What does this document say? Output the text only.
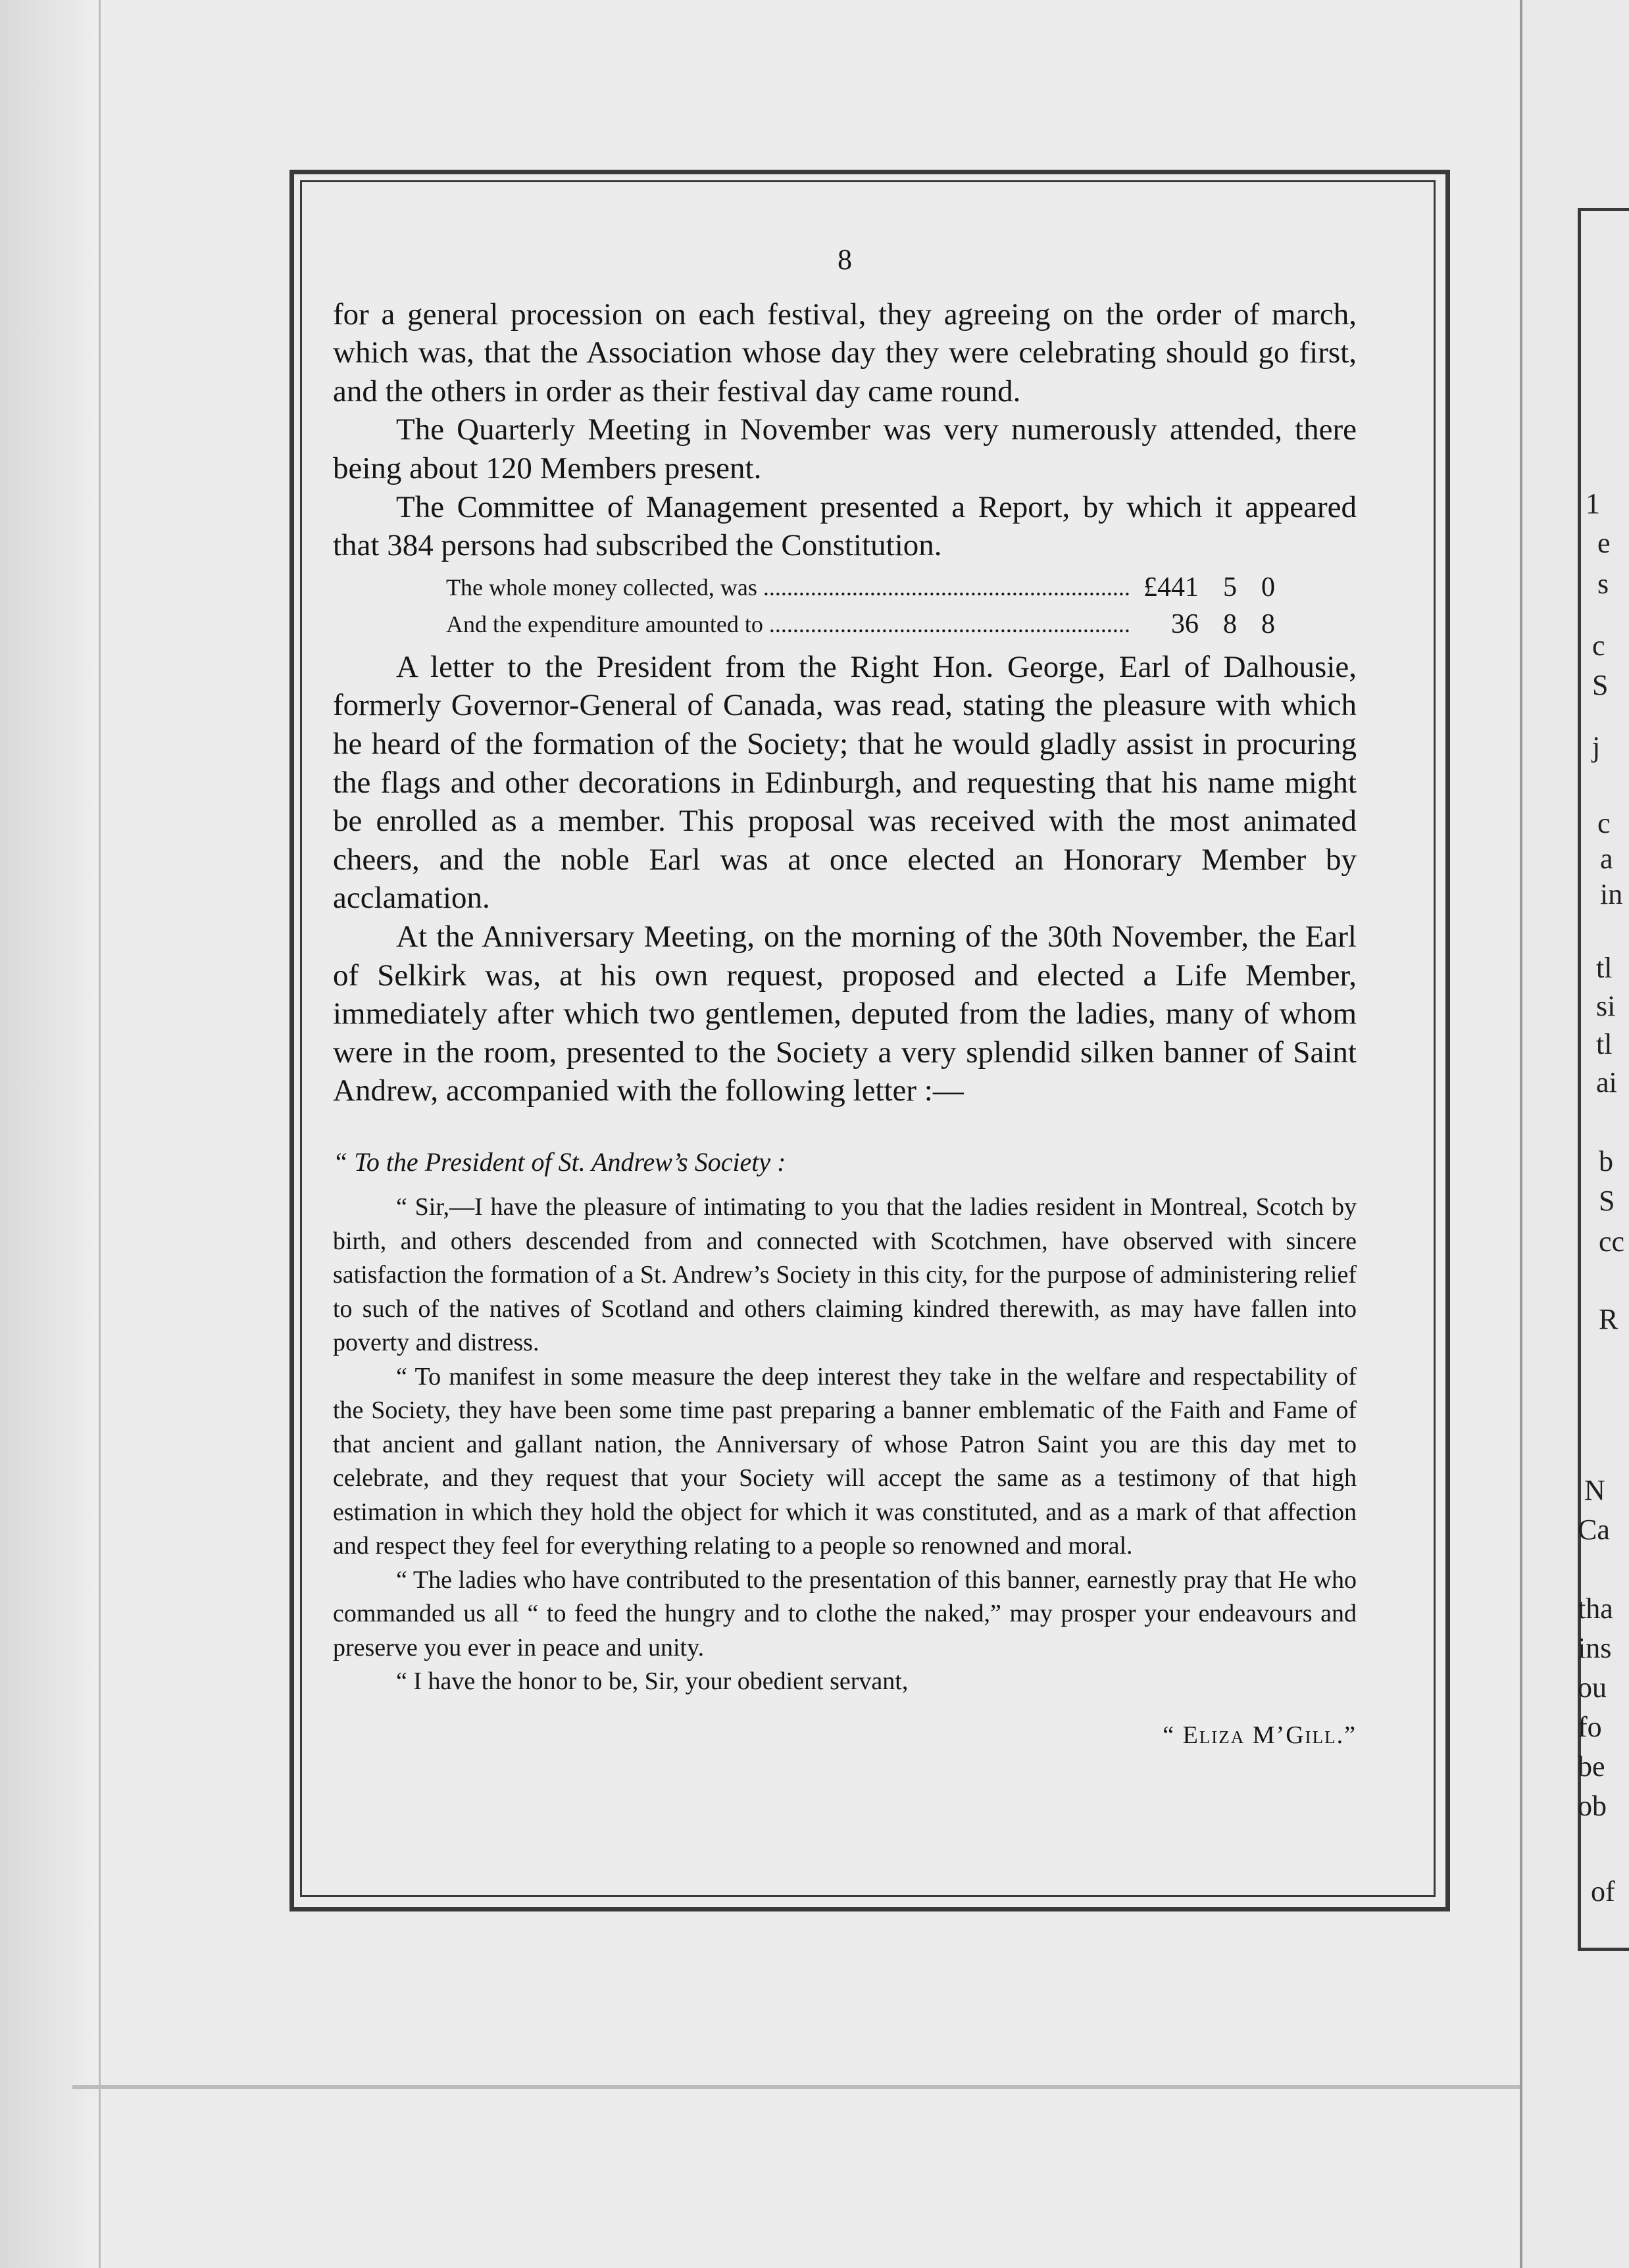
8

for a general procession on each festival, they agreeing on the order of march, which was, that the Association whose day they were celebrating should go first, and the others in order as their festival day came round.

The Quarterly Meeting in November was very numerously attended, there being about 120 Members present.

The Committee of Management presented a Report, by which it appeared that 384 persons had subscribed the Constitution.

The whole money collected, was .....	£441 5 0
And the expenditure amounted to .....	36 8 8

A letter to the President from the Right Hon. George, Earl of Dalhousie, formerly Governor-General of Canada, was read, stating the pleasure with which he heard of the formation of the Society; that he would gladly assist in procuring the flags and other decorations in Edinburgh, and requesting that his name might be enrolled as a member. This proposal was received with the most animated cheers, and the noble Earl was at once elected an Honorary Member by acclamation.

At the Anniversary Meeting, on the morning of the 30th November, the Earl of Selkirk was, at his own request, proposed and elected a Life Member, immediately after which two gentlemen, deputed from the ladies, many of whom were in the room, presented to the Society a very splendid silken banner of Saint Andrew, accompanied with the following letter :—

“ To the President of St. Andrew’s Society :

“ Sir,—I have the pleasure of intimating to you that the ladies resident in Montreal, Scotch by birth, and others descended from and connected with Scotchmen, have observed with sincere satisfaction the formation of a St. Andrew’s Society in this city, for the purpose of administering relief to such of the natives of Scotland and others claiming kindred therewith, as may have fallen into poverty and distress.

“ To manifest in some measure the deep interest they take in the welfare and respectability of the Society, they have been some time past preparing a banner emblematic of the Faith and Fame of that ancient and gallant nation, the Anniversary of whose Patron Saint you are this day met to celebrate, and they request that your Society will accept the same as a testimony of that high estimation in which they hold the object for which it was constituted, and as a mark of that affection and respect they feel for everything relating to a people so renowned and moral.

“ The ladies who have contributed to the presentation of this banner, earnestly pray that He who commanded us all “ to feed the hungry and to clothe the naked,” may prosper your endeavours and preserve you ever in peace and unity.

“ I have the honor to be, Sir, your obedient servant,

“ Eliza M’Gill.”
1
e
s
c
S
j
c
a
in
tl
si
tl
ai
b
S
cc
R
N
Ca
tha
ins
ou
fo
be
ob
of
